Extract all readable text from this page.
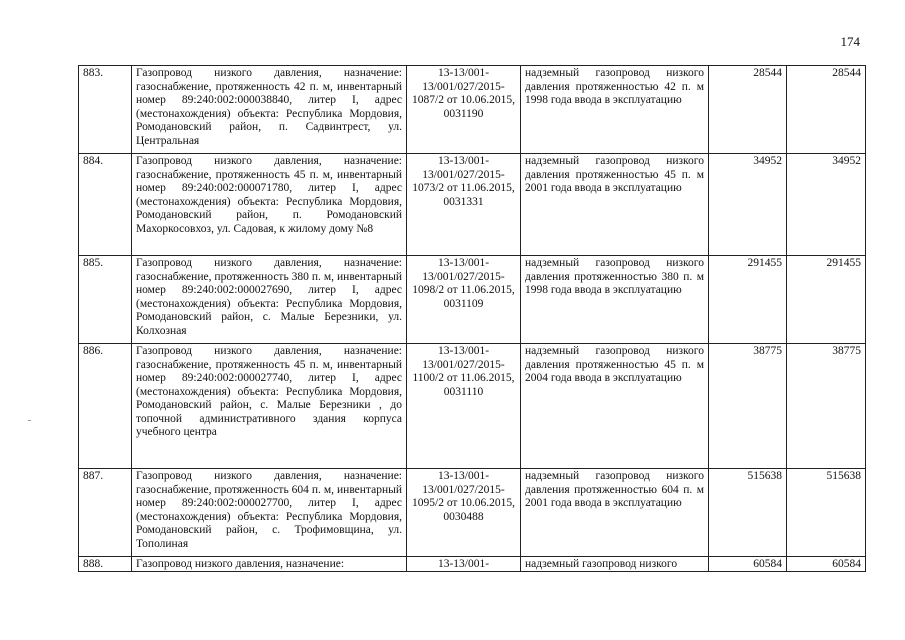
174
883.	Газопровод низкого давления, назначение: газоснабжение, протяженность 42 п. м, инвентарный номер 89:240:002:000038840, литер I, адрес (местонахождения) объекта: Республика Мордовия, Ромодановский район, п. Садвинтрест, ул. Центральная	13-13/001-13/001/027/2015-1087/2 от 10.06.2015, 0031190	надземный газопровод низкого давления протяженностью 42 п. м 1998 года ввода в эксплуатацию	28544	28544
884.	Газопровод низкого давления, назначение: газоснабжение, протяженность 45 п. м, инвентарный номер 89:240:002:000071780, литер I, адрес (местонахождения) объекта: Республика Мордовия, Ромодановский район, п. Ромодановский Махоркосовхоз, ул. Садовая, к жилому дому №8	13-13/001-13/001/027/2015-1073/2 от 11.06.2015, 0031331	надземный газопровод низкого давления протяженностью 45 п. м 2001 года ввода в эксплуатацию	34952	34952
885.	Газопровод низкого давления, назначение: газоснабжение, протяженность 380 п. м, инвентарный номер 89:240:002:000027690, литер I, адрес (местонахождения) объекта: Республика Мордовия, Ромодановский район, с. Малые Березники, ул. Колхозная	13-13/001-13/001/027/2015-1098/2 от 11.06.2015, 0031109	надземный газопровод низкого давления протяженностью 380 п. м 1998 года ввода в эксплуатацию	291455	291455
886.	Газопровод низкого давления, назначение: газоснабжение, протяженность 45 п. м, инвентарный номер 89:240:002:000027740, литер I, адрес (местонахождения) объекта: Республика Мордовия, Ромодановский район, с. Малые Березники , до топочной административного здания корпуса учебного центра	13-13/001-13/001/027/2015-1100/2 от 11.06.2015, 0031110	надземный газопровод низкого давления протяженностью 45 п. м 2004 года ввода в эксплуатацию	38775	38775
887.	Газопровод низкого давления, назначение: газоснабжение, протяженность 604 п. м, инвентарный номер 89:240:002:000027700, литер I, адрес (местонахождения) объекта: Республика Мордовия, Ромодановский район, с. Трофимовщина, ул. Тополиная	13-13/001-13/001/027/2015-1095/2 от 10.06.2015, 0030488	надземный газопровод низкого давления протяженностью 604 п. м 2001 года ввода в эксплуатацию	515638	515638

888.	Газопровод низкого давления, назначение:	13-13/001-	надземный газопровод низкого	60584	60584
